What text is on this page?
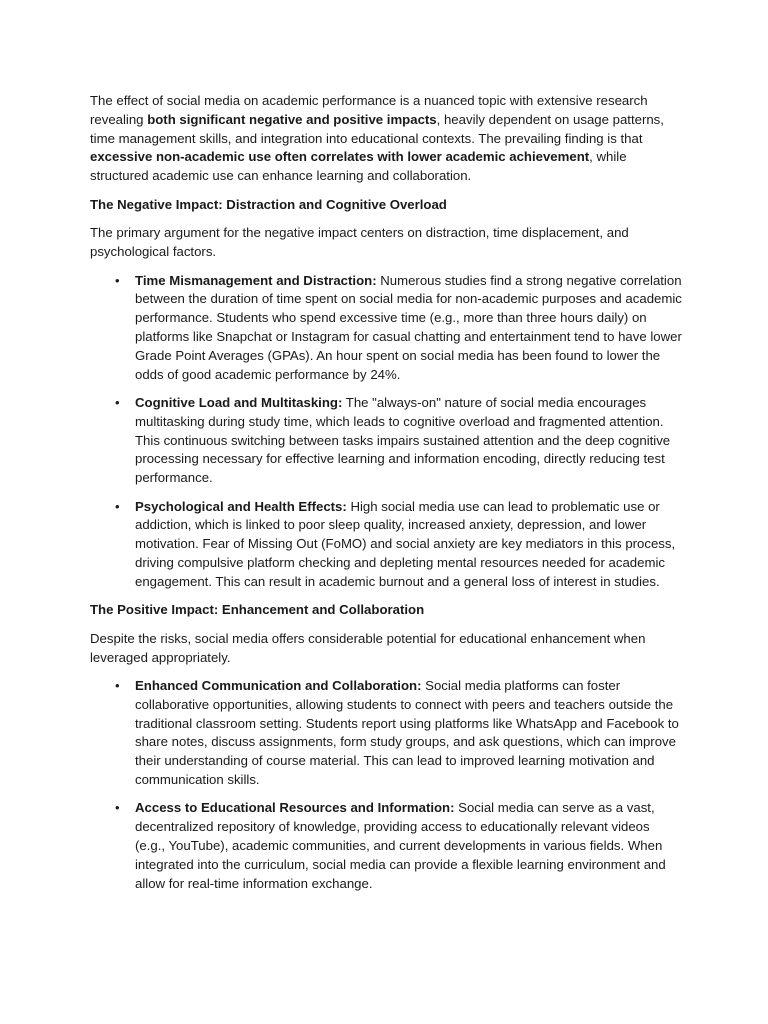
The effect of social media on academic performance is a nuanced topic with extensive research revealing both significant negative and positive impacts, heavily dependent on usage patterns, time management skills, and integration into educational contexts. The prevailing finding is that excessive non-academic use often correlates with lower academic achievement, while structured academic use can enhance learning and collaboration.

The Negative Impact: Distraction and Cognitive Overload

The primary argument for the negative impact centers on distraction, time displacement, and psychological factors.

• Time Mismanagement and Distraction: Numerous studies find a strong negative correlation between the duration of time spent on social media for non-academic purposes and academic performance. Students who spend excessive time (e.g., more than three hours daily) on platforms like Snapchat or Instagram for casual chatting and entertainment tend to have lower Grade Point Averages (GPAs). An hour spent on social media has been found to lower the odds of good academic performance by 24%.
• Cognitive Load and Multitasking: The "always-on" nature of social media encourages multitasking during study time, which leads to cognitive overload and fragmented attention. This continuous switching between tasks impairs sustained attention and the deep cognitive processing necessary for effective learning and information encoding, directly reducing test performance.
• Psychological and Health Effects: High social media use can lead to problematic use or addiction, which is linked to poor sleep quality, increased anxiety, depression, and lower motivation. Fear of Missing Out (FoMO) and social anxiety are key mediators in this process, driving compulsive platform checking and depleting mental resources needed for academic engagement. This can result in academic burnout and a general loss of interest in studies.

The Positive Impact: Enhancement and Collaboration

Despite the risks, social media offers considerable potential for educational enhancement when leveraged appropriately.

• Enhanced Communication and Collaboration: Social media platforms can foster collaborative opportunities, allowing students to connect with peers and teachers outside the traditional classroom setting. Students report using platforms like WhatsApp and Facebook to share notes, discuss assignments, form study groups, and ask questions, which can improve their understanding of course material. This can lead to improved learning motivation and communication skills.
• Access to Educational Resources and Information: Social media can serve as a vast, decentralized repository of knowledge, providing access to educationally relevant videos (e.g., YouTube), academic communities, and current developments in various fields. When integrated into the curriculum, social media can provide a flexible learning environment and allow for real-time information exchange.
